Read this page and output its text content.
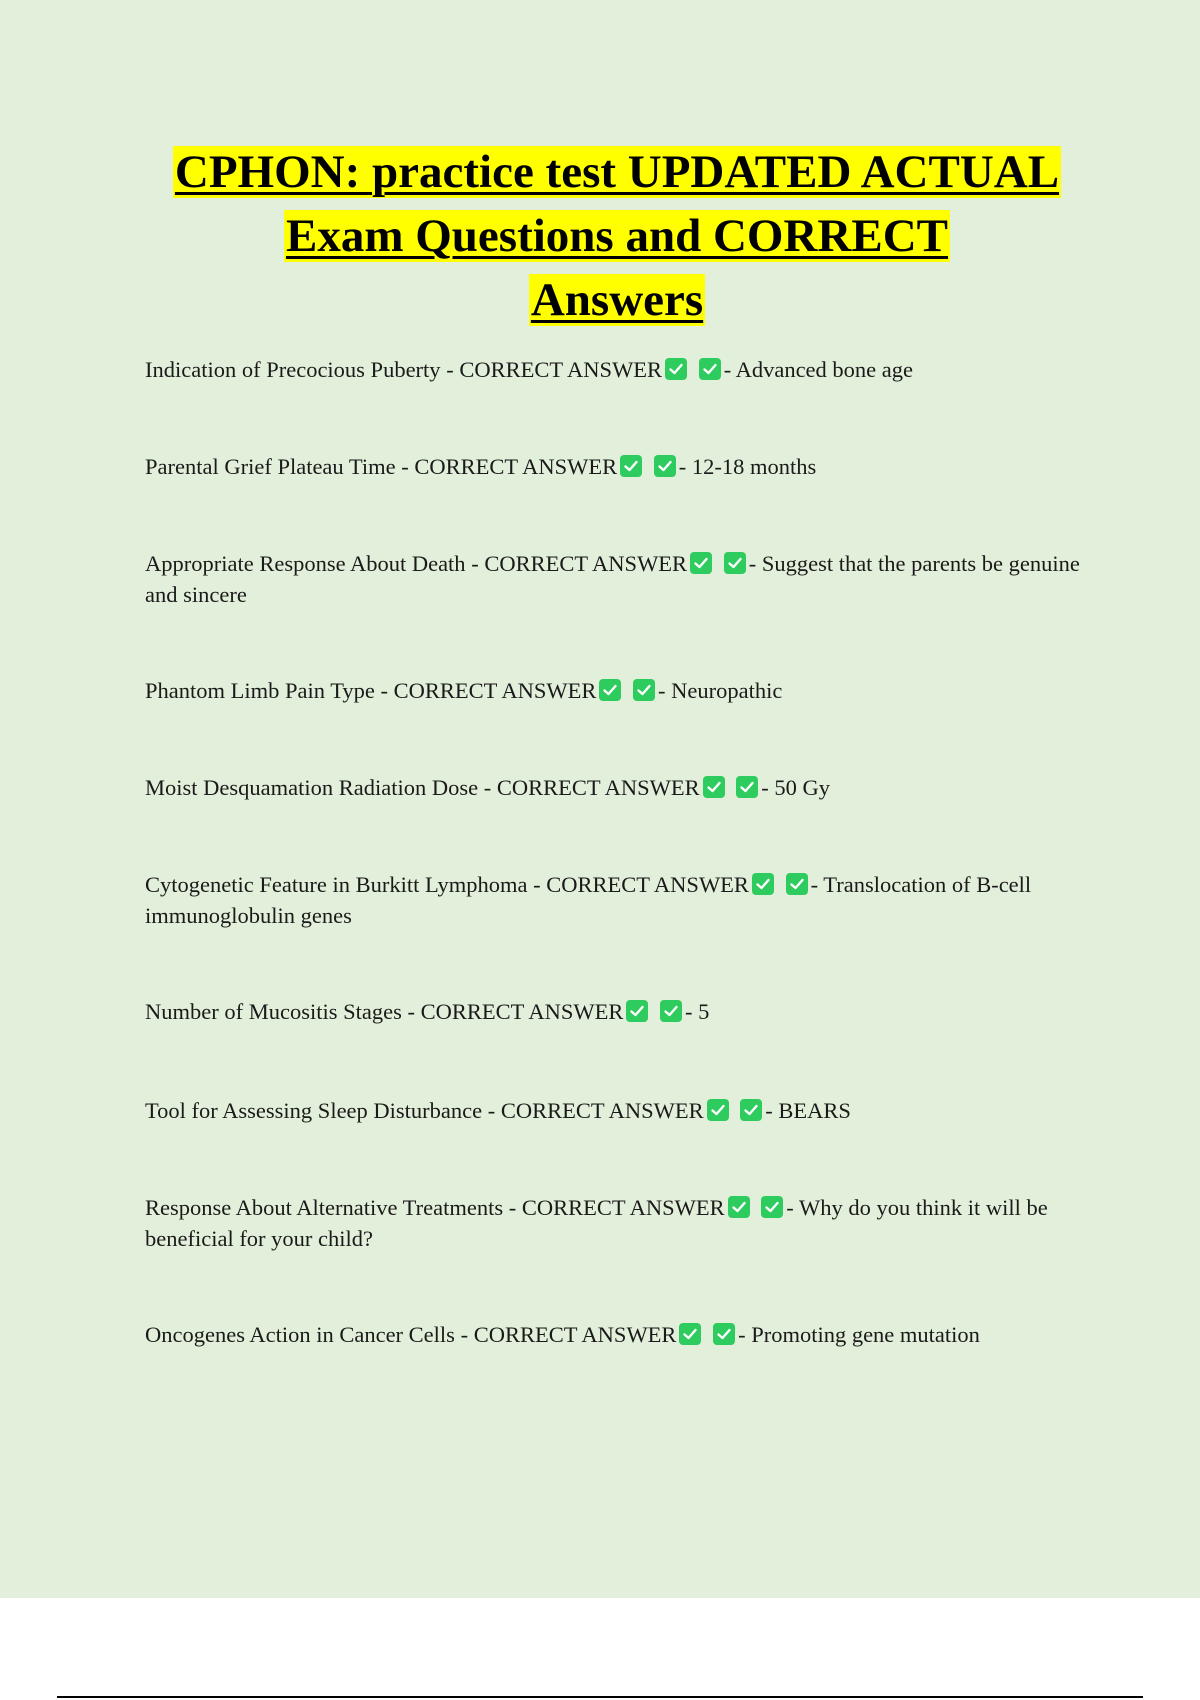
CPHON: practice test UPDATED ACTUAL
Exam Questions and CORRECT
Answers
Indication of Precocious Puberty - CORRECT ANSWER
	- Advanced bone age
Parental Grief Plateau Time - CORRECT ANSWER
	- 12-18 months
Appropriate Response About Death - CORRECT ANSWER
	- Suggest that the parents be genuine and sincere
Phantom Limb Pain Type - CORRECT ANSWER
	- Neuropathic
Moist Desquamation Radiation Dose - CORRECT ANSWER
	- 50 Gy
Cytogenetic Feature in Burkitt Lymphoma - CORRECT ANSWER
	- Translocation of B-cell immunoglobulin genes
Number of Mucositis Stages - CORRECT ANSWER
	- 5
Tool for Assessing Sleep Disturbance - CORRECT ANSWER
	- BEARS
Response About Alternative Treatments - CORRECT ANSWER
	- Why do you think it will be beneficial for your child?
Oncogenes Action in Cancer Cells - CORRECT ANSWER
	- Promoting gene mutation
